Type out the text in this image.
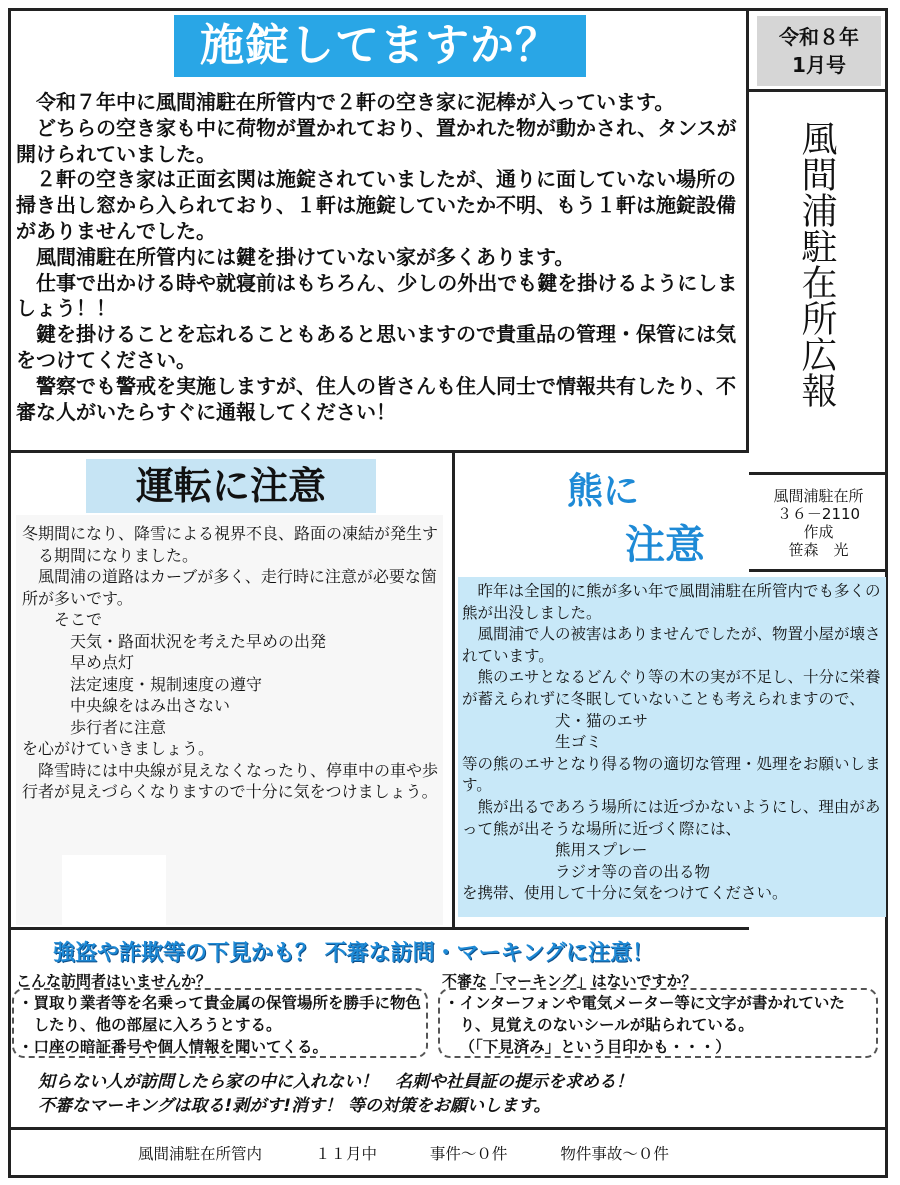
施錠してますか？

令和７年中に風間浦駐在所管内で２軒の空き家に泥棒が入っています。

どちらの空き家も中に荷物が置かれており、置かれた物が動かされ、タンスが開けられていました。

２軒の空き家は正面玄関は施錠されていましたが、通りに面していない場所の掃き出し窓から入られており、１軒は施錠していたか不明、もう１軒は施錠設備がありませんでした。

風間浦駐在所管内には鍵を掛けていない家が多くあります。

仕事で出かける時や就寝前はもちろん、少しの外出でも鍵を掛けるようにしましょう！！

鍵を掛けることを忘れることもあると思いますので貴重品の管理・保管には気をつけてください。

警察でも警戒を実施しますが、住人の皆さんも住人同士で情報共有したり、不審な人がいたらすぐに通報してください！

令和８年
1月号
風間浦駐在所広報
風間浦駐在所
３６－2110
作成
笹森　光
運転に注意
冬期間になり、降雪による視界不良、路面の凍結が発生する期間になりました。
風間浦の道路はカーブが多く、走行時に注意が必要な箇所が多いです。
そこで
天気・路面状況を考えた早めの出発
早め点灯
法定速度・規制速度の遵守
中央線をはみ出さない
歩行者に注意
を心がけていきましょう。
降雪時には中央線が見えなくなったり、停車中の車や歩行者が見えづらくなりますので十分に気をつけましょう。
熊に
注意
昨年は全国的に熊が多い年で風間浦駐在所管内でも多くの熊が出没しました。
風間浦で人の被害はありませんでしたが、物置小屋が壊されています。
熊のエサとなるどんぐり等の木の実が不足し、十分に栄養が蓄えられずに冬眠していないことも考えられますので、
犬・猫のエサ
生ゴミ
等の熊のエサとなり得る物の適切な管理・処理をお願いします。
熊が出るであろう場所には近づかないようにし、理由があって熊が出そうな場所に近づく際には、
熊用スプレー
ラジオ等の音の出る物
を携帯、使用して十分に気をつけてください。
強盗や詐欺等の下見かも？ 不審な訪問・マーキングに注意！
こんな訪問者はいませんか？
・買取り業者等を名乗って貴金属の保管場所を勝手に物色したり、他の部屋に入ろうとする。
・口座の暗証番号や個人情報を聞いてくる。
不審な「マーキング」はないですか？
・インターフォンや電気メーター等に文字が書かれていたり、見覚えのないシールが貼られている。
（「下見済み」という目印かも・・・）
知らない人が訪問したら家の中に入れない！　名刺や社員証の提示を求める！
不審なマーキングは取る!剥がす!消す！ 等の対策をお願いします。
風間浦駐在所管内	１１月中	事件～０件	物件事故～０件
